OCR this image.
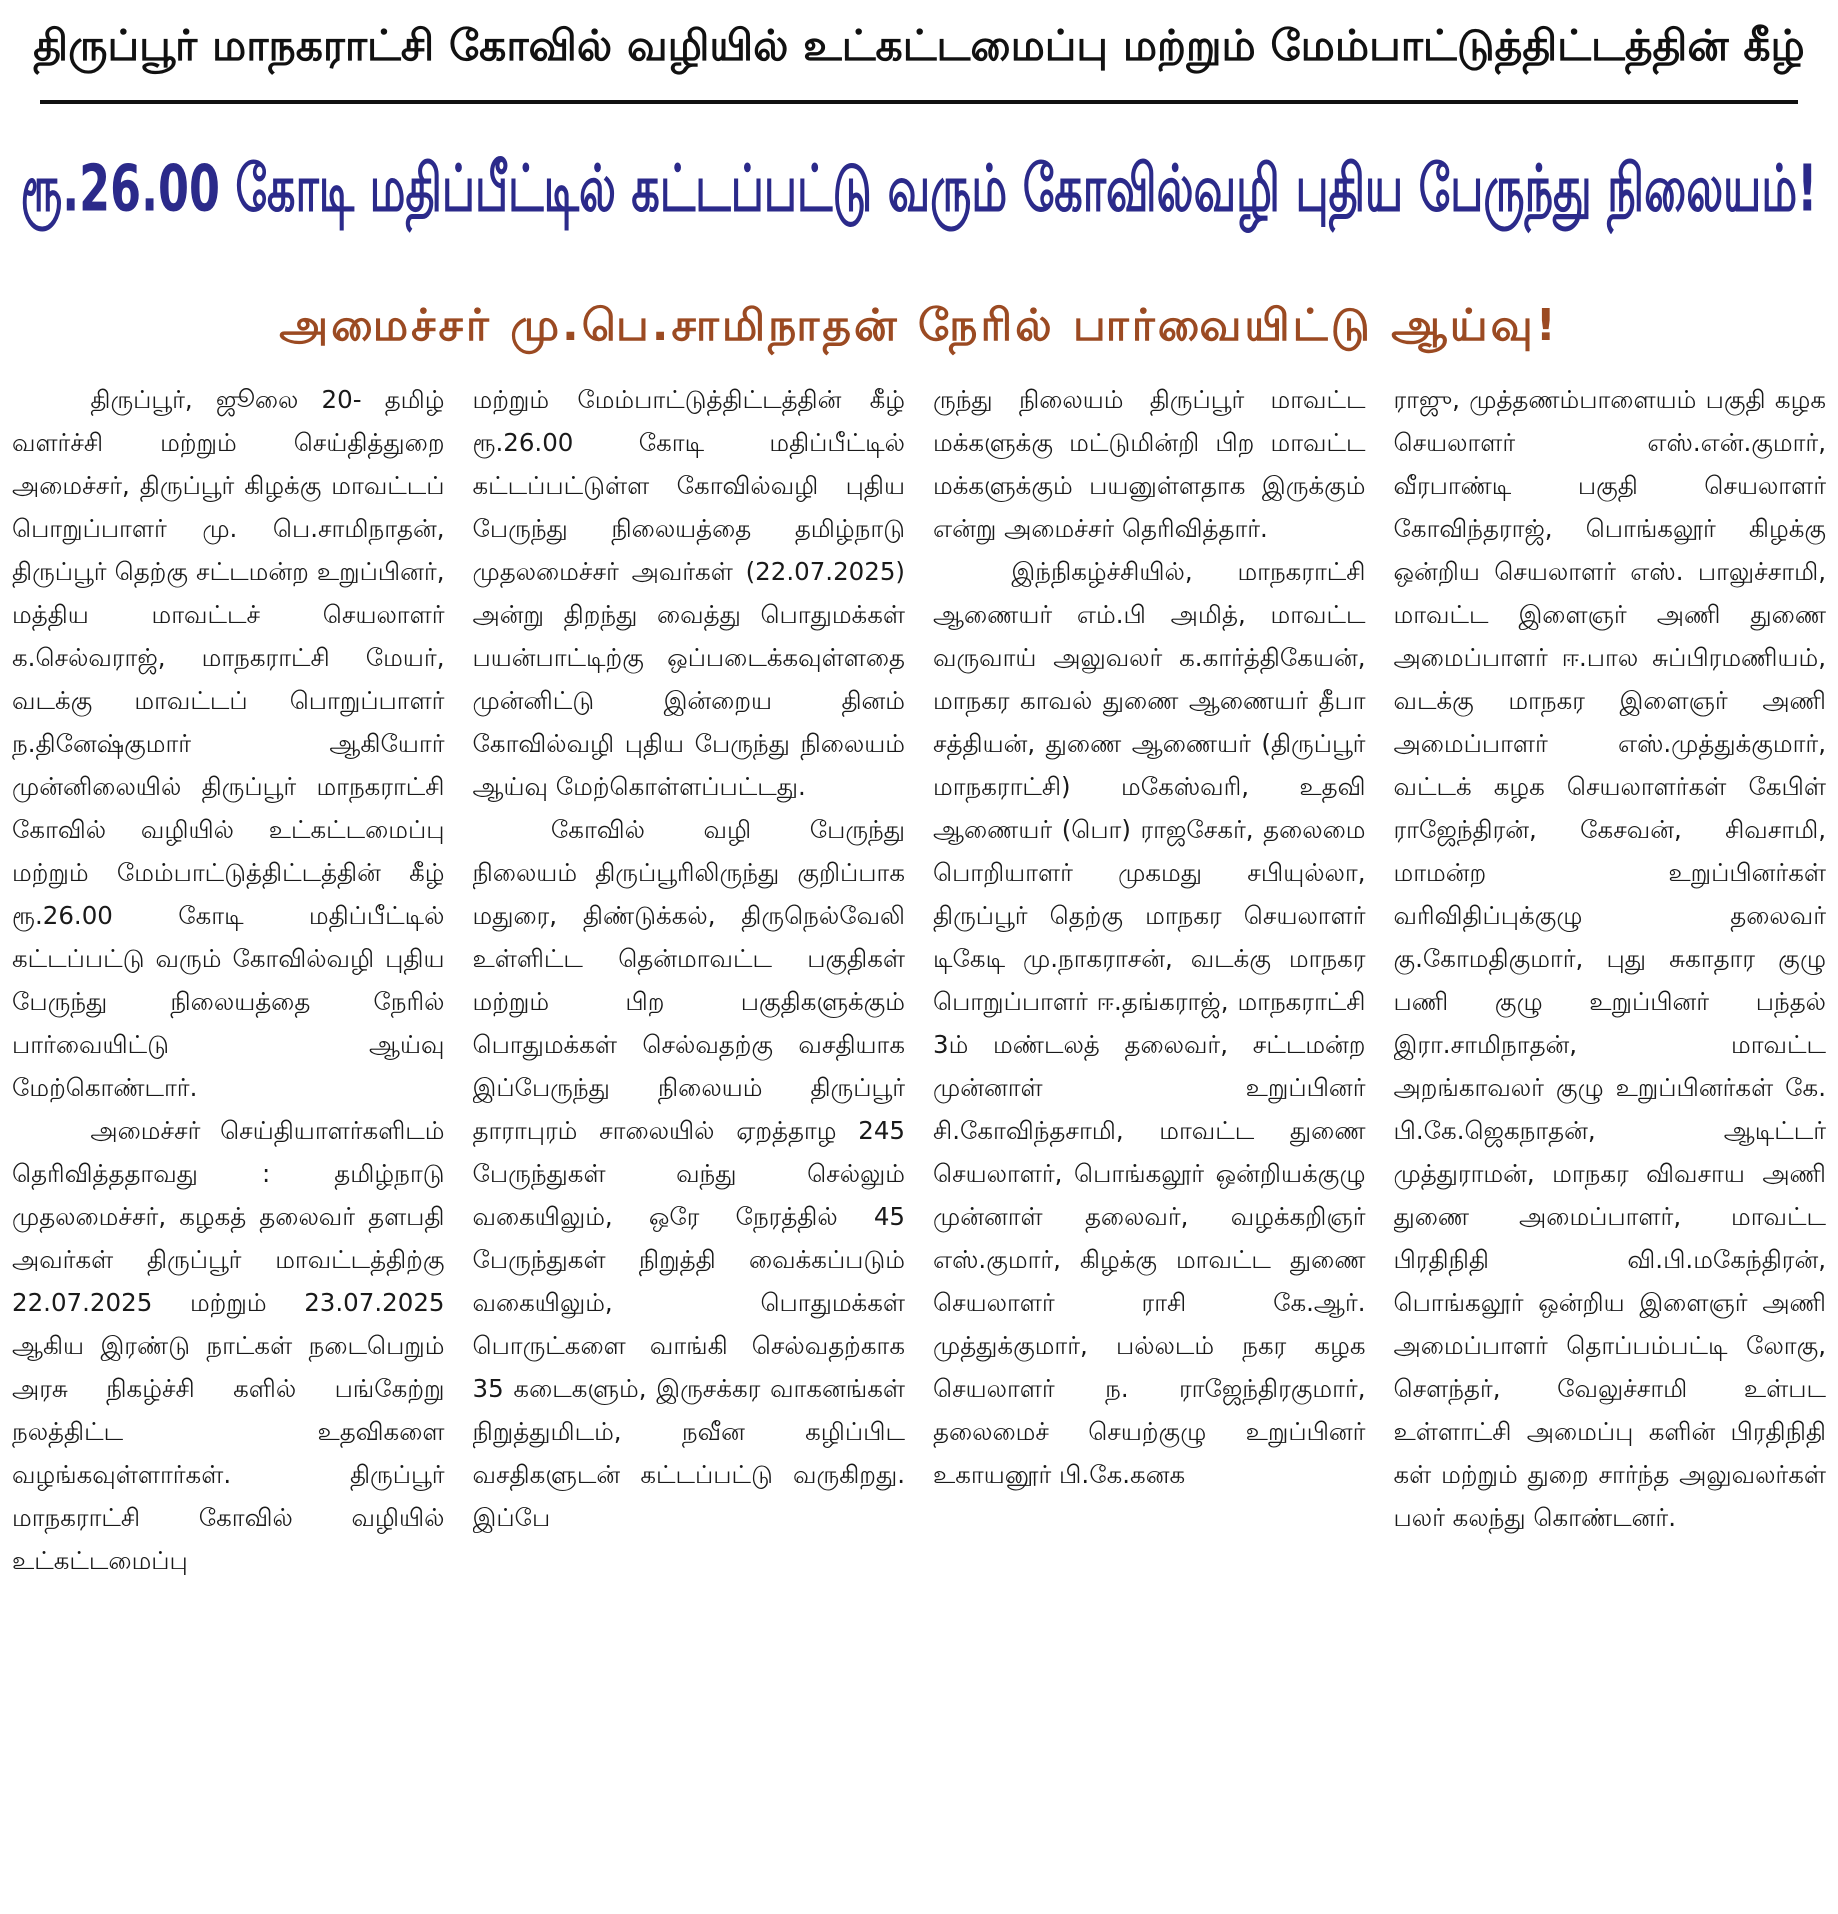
திருப்பூர் மாநகராட்சி கோவில் வழியில் உட்கட்டமைப்பு மற்றும் மேம்பாட்டுத்திட்டத்தின் கீழ்
ரூ.26.00 கோடி மதிப்பீட்டில் கட்டப்பட்டு வரும் கோவில்வழி புதிய பேருந்து நிலையம்!
அமைச்சர் மு.பெ.சாமிநாதன் நேரில் பார்வையிட்டு ஆய்வு!

திருப்பூர், ஜூலை 20- தமிழ் வளர்ச்சி மற்றும் செய்தித்துறை அமைச்சர், திருப்பூர் கிழக்கு மாவட்டப் பொறுப்பாளர் மு. பெ.சாமிநாதன், திருப்பூர் தெற்கு சட்டமன்ற உறுப்பினர், மத்திய மாவட்டச் செயலாளர் க.செல்வராஜ், மாநகராட்சி மேயர், வடக்கு மாவட்டப் பொறுப்பாளர் ந.தினேஷ்குமார் ஆகியோர் முன்னிலையில் திருப்பூர் மாநகராட்சி கோவில் வழியில் உட்கட்டமைப்பு மற்றும் மேம்பாட்டுத்திட்டத்தின் கீழ் ரூ.26.00 கோடி மதிப்பீட்டில் கட்டப்பட்டு வரும் கோவில்வழி புதிய பேருந்து நிலையத்தை நேரில் பார்வையிட்டு ஆய்வு மேற்கொண்டார்.

அமைச்சர் செய்தியாளர்களிடம் தெரிவித்ததாவது : தமிழ்நாடு முதலமைச்சர், கழகத் தலைவர் தளபதி அவர்கள் திருப்பூர் மாவட்டத்திற்கு 22.07.2025 மற்றும் 23.07.2025 ஆகிய இரண்டு நாட்கள் நடைபெறும் அரசு நிகழ்ச்சி களில் பங்கேற்று நலத்திட்ட உதவிகளை வழங்கவுள்ளார்கள். திருப்பூர் மாநகராட்சி கோவில் வழியில் உட்கட்டமைப்பு

மற்றும் மேம்பாட்டுத்திட்டத்தின் கீழ் ரூ.26.00 கோடி மதிப்பீட்டில் கட்டப்பட்டுள்ள கோவில்வழி புதிய பேருந்து நிலையத்தை தமிழ்நாடு முதலமைச்சர் அவர்கள் (22.07.2025) அன்று திறந்து வைத்து பொதுமக்கள் பயன்பாட்டிற்கு ஒப்படைக்கவுள்ளதை முன்னிட்டு இன்றைய தினம் கோவில்வழி புதிய பேருந்து நிலையம் ஆய்வு மேற்கொள்ளப்பட்டது.

கோவில் வழி பேருந்து நிலையம் திருப்பூரிலிருந்து குறிப்பாக மதுரை, திண்டுக்கல், திருநெல்வேலி உள்ளிட்ட தென்மாவட்ட பகுதிகள் மற்றும் பிற பகுதிகளுக்கும் பொதுமக்கள் செல்வதற்கு வசதியாக இப்பேருந்து நிலையம் திருப்பூர் தாராபுரம் சாலையில் ஏறத்தாழ 245 பேருந்துகள் வந்து செல்லும் வகையிலும், ஒரே நேரத்தில் 45 பேருந்துகள் நிறுத்தி வைக்கப்படும் வகையிலும், பொதுமக்கள் பொருட்களை வாங்கி செல்வதற்காக 35 கடைகளும், இருசக்கர வாகனங்கள் நிறுத்துமிடம், நவீன கழிப்பிட வசதிகளுடன் கட்டப்பட்டு வருகிறது. இப்பே

ருந்து நிலையம் திருப்பூர் மாவட்ட மக்களுக்கு மட்டுமின்றி பிற மாவட்ட மக்களுக்கும் பயனுள்ளதாக இருக்கும் என்று அமைச்சர் தெரிவித்தார்.

இந்நிகழ்ச்சியில், மாநகராட்சி ஆணையர் எம்.பி அமித், மாவட்ட வருவாய் அலுவலர் க.கார்த்திகேயன், மாநகர காவல் துணை ஆணையர் தீபா சத்தியன், துணை ஆணையர் (திருப்பூர் மாநகராட்சி) மகேஸ்வரி, உதவி ஆணையர் (பொ) ராஜசேகர், தலைமை பொறியாளர் முகமது சபியுல்லா, திருப்பூர் தெற்கு மாநகர செயலாளர் டிகேடி மு.நாகராசன், வடக்கு மாநகர பொறுப்பாளர் ஈ.தங்கராஜ், மாநகராட்சி 3ம் மண்டலத் தலைவர், சட்டமன்ற முன்னாள் உறுப்பினர் சி.கோவிந்தசாமி, மாவட்ட துணை செயலாளர், பொங்கலூர் ஒன்றியக்குழு முன்னாள் தலைவர், வழக்கறிஞர் எஸ்.குமார், கிழக்கு மாவட்ட துணை செயலாளர் ராசி கே.ஆர். முத்துக்குமார், பல்லடம் நகர கழக செயலாளர் ந. ராஜேந்திரகுமார், தலைமைச் செயற்குழு உறுப்பினர் உகாயனூர் பி.கே.கனக

ராஜு, முத்தணம்பாளையம் பகுதி கழக செயலாளர் எஸ்.என்.குமார், வீரபாண்டி பகுதி செயலாளர் கோவிந்தராஜ், பொங்கலூர் கிழக்கு ஒன்றிய செயலாளர் எஸ். பாலுச்சாமி, மாவட்ட இளைஞர் அணி துணை அமைப்பாளர் ஈ.பால சுப்பிரமணியம், வடக்கு மாநகர இளைஞர் அணி அமைப்பாளர் எஸ்.முத்துக்குமார், வட்டக் கழக செயலாளர்கள் கேபிள் ராஜேந்திரன், கேசவன், சிவசாமி, மாமன்ற உறுப்பினர்கள் வரிவிதிப்புக்குழு தலைவர் கு.கோமதிகுமார், புது சுகாதார குழு பணி குழு உறுப்பினர் பந்தல் இரா.சாமிநாதன், மாவட்ட அறங்காவலர் குழு உறுப்பினர்கள் கே. பி.கே.ஜெகநாதன், ஆடிட்டர் முத்துராமன், மாநகர விவசாய அணி துணை அமைப்பாளர், மாவட்ட பிரதிநிதி வி.பி.மகேந்திரன், பொங்கலூர் ஒன்றிய இளைஞர் அணி அமைப்பாளர் தொப்பம்பட்டி லோகு, சௌந்தர், வேலுச்சாமி உள்பட உள்ளாட்சி அமைப்பு களின் பிரதிநிதி கள் மற்றும் துறை சார்ந்த அலுவலர்கள் பலர் கலந்து கொண்டனர்.
